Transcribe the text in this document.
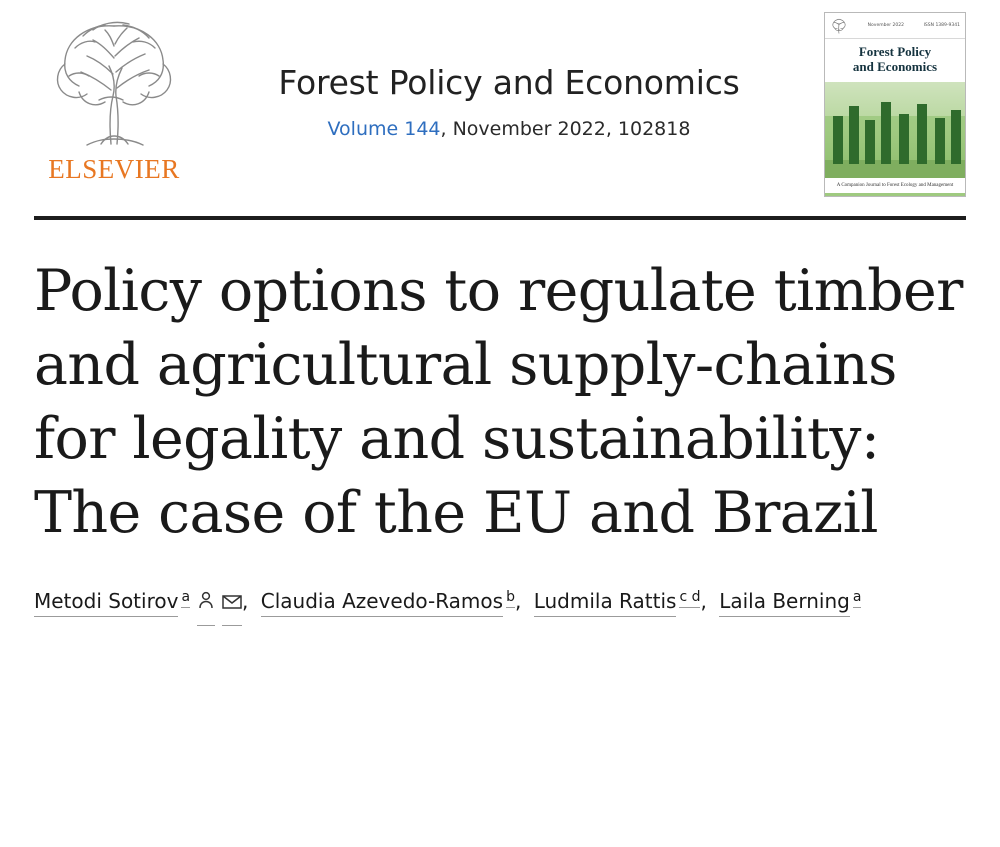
ELSEVIER
Forest Policy and Economics
Volume 144, November 2022, 102818
November 2022	ISSN 1389-9341
Forest Policy
and Economics
A Companion Journal to Forest Ecology and Management
Policy options to regulate timber and agricultural supply-chains for legality and sustainability: The case of the EU and Brazil
Metodi Sotirov $^a$	, Claudia Azevedo-Ramos $^b$, Ludmila Rattis $^{c d}$, Laila Berning $^a$
